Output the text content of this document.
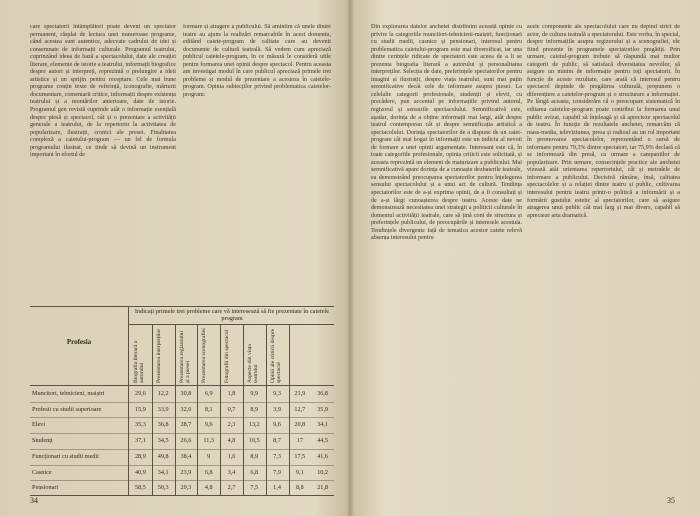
care spectatorii întâmplători poate deveni un spectator permanent, răsplat de lectura unei numeroase programe, când acestea sunt autentice, adecvate cadrului de idei și consemnate de informații culturale. Programul teatrului, cuprinzând ideea de bază a spectacolului, date ale creației literare, elemente de istorie a teatrului, informații biografice despre autori și interpreți, reprezintă o prelungire a ideii artistice și un sprijin pentru receptare. Cele mai bune programe conțin texte de referință, iconografie, mărturii documentare, comentarii critice, informații despre existența teatrului și a montărilor anterioare, date de istorie. Programul gen revistă cuprinde atât o informație esențială despre piesă și spectacol, cât și o prezentare a activității generale a teatrului, de la repertoriu la activitatea de popularizare, ilustrații, cronici ale presei. Finalitatea complexă a caietului-program — un fel de formula programului ilustrat, ce tinde să devină un instrument important în efortul de

formare și atragere a publicului. Să amintim că unele dintre teatre au ajuns la realizări remarcabile în acest domeniu, editând caiete-program de calitate care au devenit documente de cultură teatrală. Să vedem cum apreciază publicul caietele-program, în ce măsură le consideră utile pentru formarea unei opinii despre spectacol. Pentru aceasta am investigat modul în care publicul apreciază primele trei probleme și modul de prezentare a acestora în caietele-program. Opinia subiecților privind problematica caietelor-program:

Profesia
Indicați primele trei probleme care vă interesează să fie prezentate în caietele program
Biografia literară a autorului	Prezentarea interpreților	Prezentarea regizorului și a piesei	Prezentarea scenografiei	Fotografii din spectacol	Aspecte din viața teatrului	Opinii ale criticii despre spectacol
Muncitori, tehnicieni, maiștri	29,6	12,2	30,8	6,9	1,8	9,9	9,3	21,9	36,8
Profesii cu studii superioare	15,9	33,9	32,0	8,1	0,7	8,9	3,9	12,7	35,9
Elevi	35,3	36,8	28,7	9,6	2,3	13,2	9,6	20,8	34,1
Studenți	37,1	34,5	26,6	11,3	4,8	10,5	8,7	17	44,5
Funcționari cu studii medii	28,9	49,8	38,4	9	1,6	8,9	7,3	17,5	41,6
Casnice	40,9	34,1	23,9	6,8	3,4	6,8	7,9	9,1	10,2
Pensionari	58,5	50,3	29,3	4,8	2,7	7,5	1,4	8,8	21,8
34

Din explorarea datelor anchetei distribuim această opinie cu privire la categoriile muncitori-tehnicieni-maiștri, funcționari cu studii medii, casnice și pensionari, interesul pentru problematica caietului-program este mai diversificat, iar una dintre cerințele ridicate de spectatori este aceea de a li se prezenta biografia literară a autorului și personalitatea interpreților. Selecția de date, preferințele spectatorilor pentru imagini și ilustrații, despre viața teatrului, sunt mai puțin semnificative decât cele de informare asupra piesei. La celelalte categorii profesionale, studenții și elevii, cu precădere, pun accentul pe informațiile privind autorul, regizorul și sensurile spectacolului. Semnificativă este, așadar, dorința de a obține informații mai largi, atât despre teatrul contemporan cât și despre semnificația artistică a spectacolului. Dorința spectatorilor de a dispune de un caiet-program cât mai bogat în informații este un indiciu al nevoii de formare a unei opinii argumentate. Interesant este că, în toate categoriile profesionale, opinia criticii este solicitată, și aceasta reprezintă un element de maturizare a publicului. Mai semnificativă apare dorința de a cunoaște dezbaterile teatrale, ea demonstrând preocuparea spectatorilor pentru înțelegerea sensului spectacolului și a unui act de cultură. Tendința spectatorilor este de a-și exprima opinii, de a fi consultați și de a-și lărgi cunoașterea despre teatru. Aceste date ne demonstrează necesitatea unei strategii a politicii culturale în domeniul activității teatrale, care să țină cont de structura și preferințele publicului, de preocupările și interesele acestuia. Tendințele divergente față de tematica acestor caiete relevă absența interesului pentru

acele componente ale spectacolului care nu depind strict de actor, de cultura teatrală a spectatorului. Este vorba, în special, despre informațiile asupra regizorului și a scenografiei, ele fiind prezente în programele spectatorilor pregătiți. Prin urmare, caietul-program trebuie să răspundă mai multor categorii de public, să satisfacă diversitatea nevoilor, să asigure un minim de informație pentru toți spectatorii. În funcție de aceste rezultate, care arată că interesul pentru spectacol depinde de pregătirea culturală, propunem o diferențiere a caietelor-program și o structurare a informației. Pe lângă aceasta, considerăm că o preocupare sistematică în editarea caietelor-program poate contribui la formarea unui public avizat, capabil să înțeleagă și să aprecieze spectacolul de teatru. În funcție de rezultatele anchetei, remarcăm că mass-media, televiziunea, presa și radioul au un rol important în promovarea spectacolelor, reprezentând o sursă de informare pentru 79,3% dintre spectatori, iar 75,9% declară că se informează din presă, ca urmare a campaniilor de popularizare. Prin urmare, consecințele practice ale anchetei vizează atât orientarea repertoriului, cât și metodele de informare a publicului. Decisivă rămâne, însă, calitatea spectacolelor și a relației dintre teatru și public, cultivarea interesului pentru teatru printr-o politică a informării și a formării gustului estetic al spectatorilor, care să asigure atragerea unui public cât mai larg și mai divers, capabil să aprecieze arta dramatică.

35
